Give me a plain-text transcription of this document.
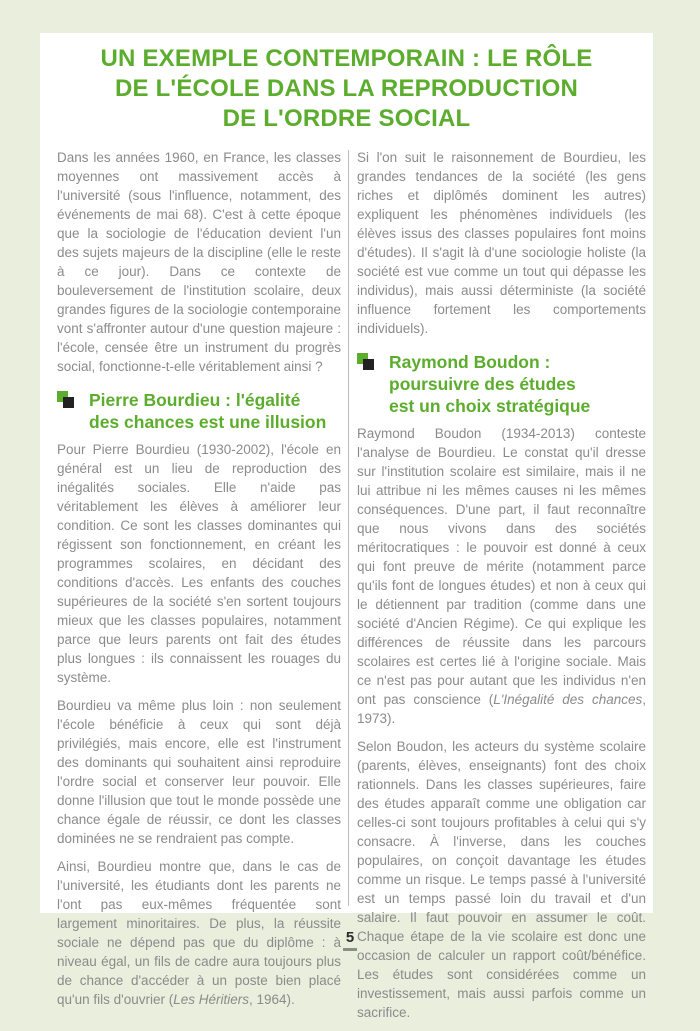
UN EXEMPLE CONTEMPORAIN : LE RÔLE
DE L'ÉCOLE DANS LA REPRODUCTION
DE L'ORDRE SOCIAL

Dans les années 1960, en France, les classes moyennes ont massivement accès à l'université (sous l'influence, notamment, des événements de mai 68). C'est à cette époque que la sociologie de l'éducation devient l'un des sujets majeurs de la discipline (elle le reste à ce jour). Dans ce contexte de bouleversement de l'institution scolaire, deux grandes figures de la sociologie contemporaine vont s'affronter autour d'une question majeure : l'école, censée être un instrument du progrès social, fonctionne-t-elle véritablement ainsi ?

Pierre Bourdieu : l'égalité
des chances est une illusion

Pour Pierre Bourdieu (1930-2002), l'école en général est un lieu de reproduction des inégalités sociales. Elle n'aide pas véritablement les élèves à améliorer leur condition. Ce sont les classes dominantes qui régissent son fonctionnement, en créant les programmes scolaires, en décidant des conditions d'accès. Les enfants des couches supérieures de la société s'en sortent toujours mieux que les classes populaires, notamment parce que leurs parents ont fait des études plus longues : ils connaissent les rouages du système.

Bourdieu va même plus loin : non seulement l'école bénéficie à ceux qui sont déjà privilégiés, mais encore, elle est l'instrument des dominants qui souhaitent ainsi reproduire l'ordre social et conserver leur pouvoir. Elle donne l'illusion que tout le monde possède une chance égale de réussir, ce dont les classes dominées ne se rendraient pas compte.

Ainsi, Bourdieu montre que, dans le cas de l'université, les étudiants dont les parents ne l'ont pas eux-mêmes fréquentée sont largement minoritaires. De plus, la réussite sociale ne dépend pas que du diplôme : à niveau égal, un fils de cadre aura toujours plus de chance d'accéder à un poste bien placé qu'un fils d'ouvrier (Les Héritiers, 1964).

Si l'on suit le raisonnement de Bourdieu, les grandes tendances de la société (les gens riches et diplômés dominent les autres) expliquent les phénomènes individuels (les élèves issus des classes populaires font moins d'études). Il s'agit là d'une sociologie holiste (la société est vue comme un tout qui dépasse les individus), mais aussi déterministe (la société influence fortement les comportements individuels).

Raymond Boudon :
poursuivre des études
est un choix stratégique

Raymond Boudon (1934-2013) conteste l'analyse de Bourdieu. Le constat qu'il dresse sur l'institution scolaire est similaire, mais il ne lui attribue ni les mêmes causes ni les mêmes conséquences. D'une part, il faut reconnaître que nous vivons dans des sociétés méritocratiques : le pouvoir est donné à ceux qui font preuve de mérite (notamment parce qu'ils font de longues études) et non à ceux qui le détiennent par tradition (comme dans une société d'Ancien Régime). Ce qui explique les différences de réussite dans les parcours scolaires est certes lié à l'origine sociale. Mais ce n'est pas pour autant que les individus n'en ont pas conscience (L'Inégalité des chances, 1973).

Selon Boudon, les acteurs du système scolaire (parents, élèves, enseignants) font des choix rationnels. Dans les classes supérieures, faire des études apparaît comme une obligation car celles-ci sont toujours profitables à celui qui s'y consacre. À l'inverse, dans les couches populaires, on conçoit davantage les études comme un risque. Le temps passé à l'université est un temps passé loin du travail et d'un salaire. Il faut pouvoir en assumer le coût. Chaque étape de la vie scolaire est donc une occasion de calculer un rapport coût/bénéfice. Les études sont considérées comme un investissement, mais aussi parfois comme un sacrifice.

5
